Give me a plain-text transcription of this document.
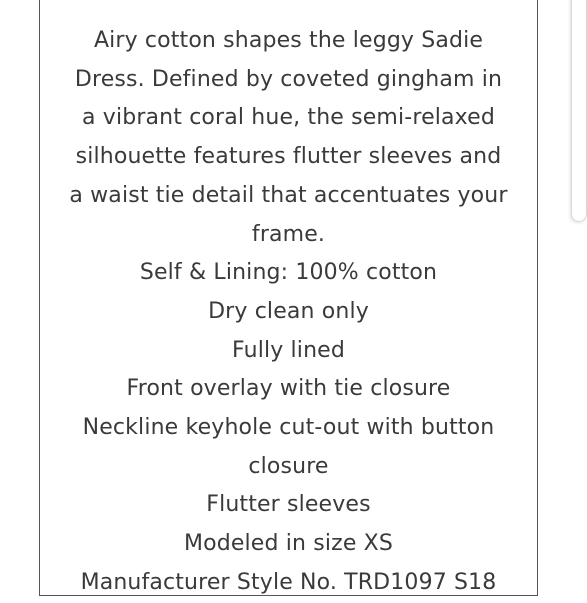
Airy cotton shapes the leggy Sadie
Dress. Defined by coveted gingham in
a vibrant coral hue, the semi-relaxed
silhouette features flutter sleeves and
a waist tie detail that accentuates your
frame.
Self & Lining: 100% cotton
Dry clean only
Fully lined
Front overlay with tie closure
Neckline keyhole cut-out with button
closure
Flutter sleeves
Modeled in size XS
Manufacturer Style No. TRD1097 S18
